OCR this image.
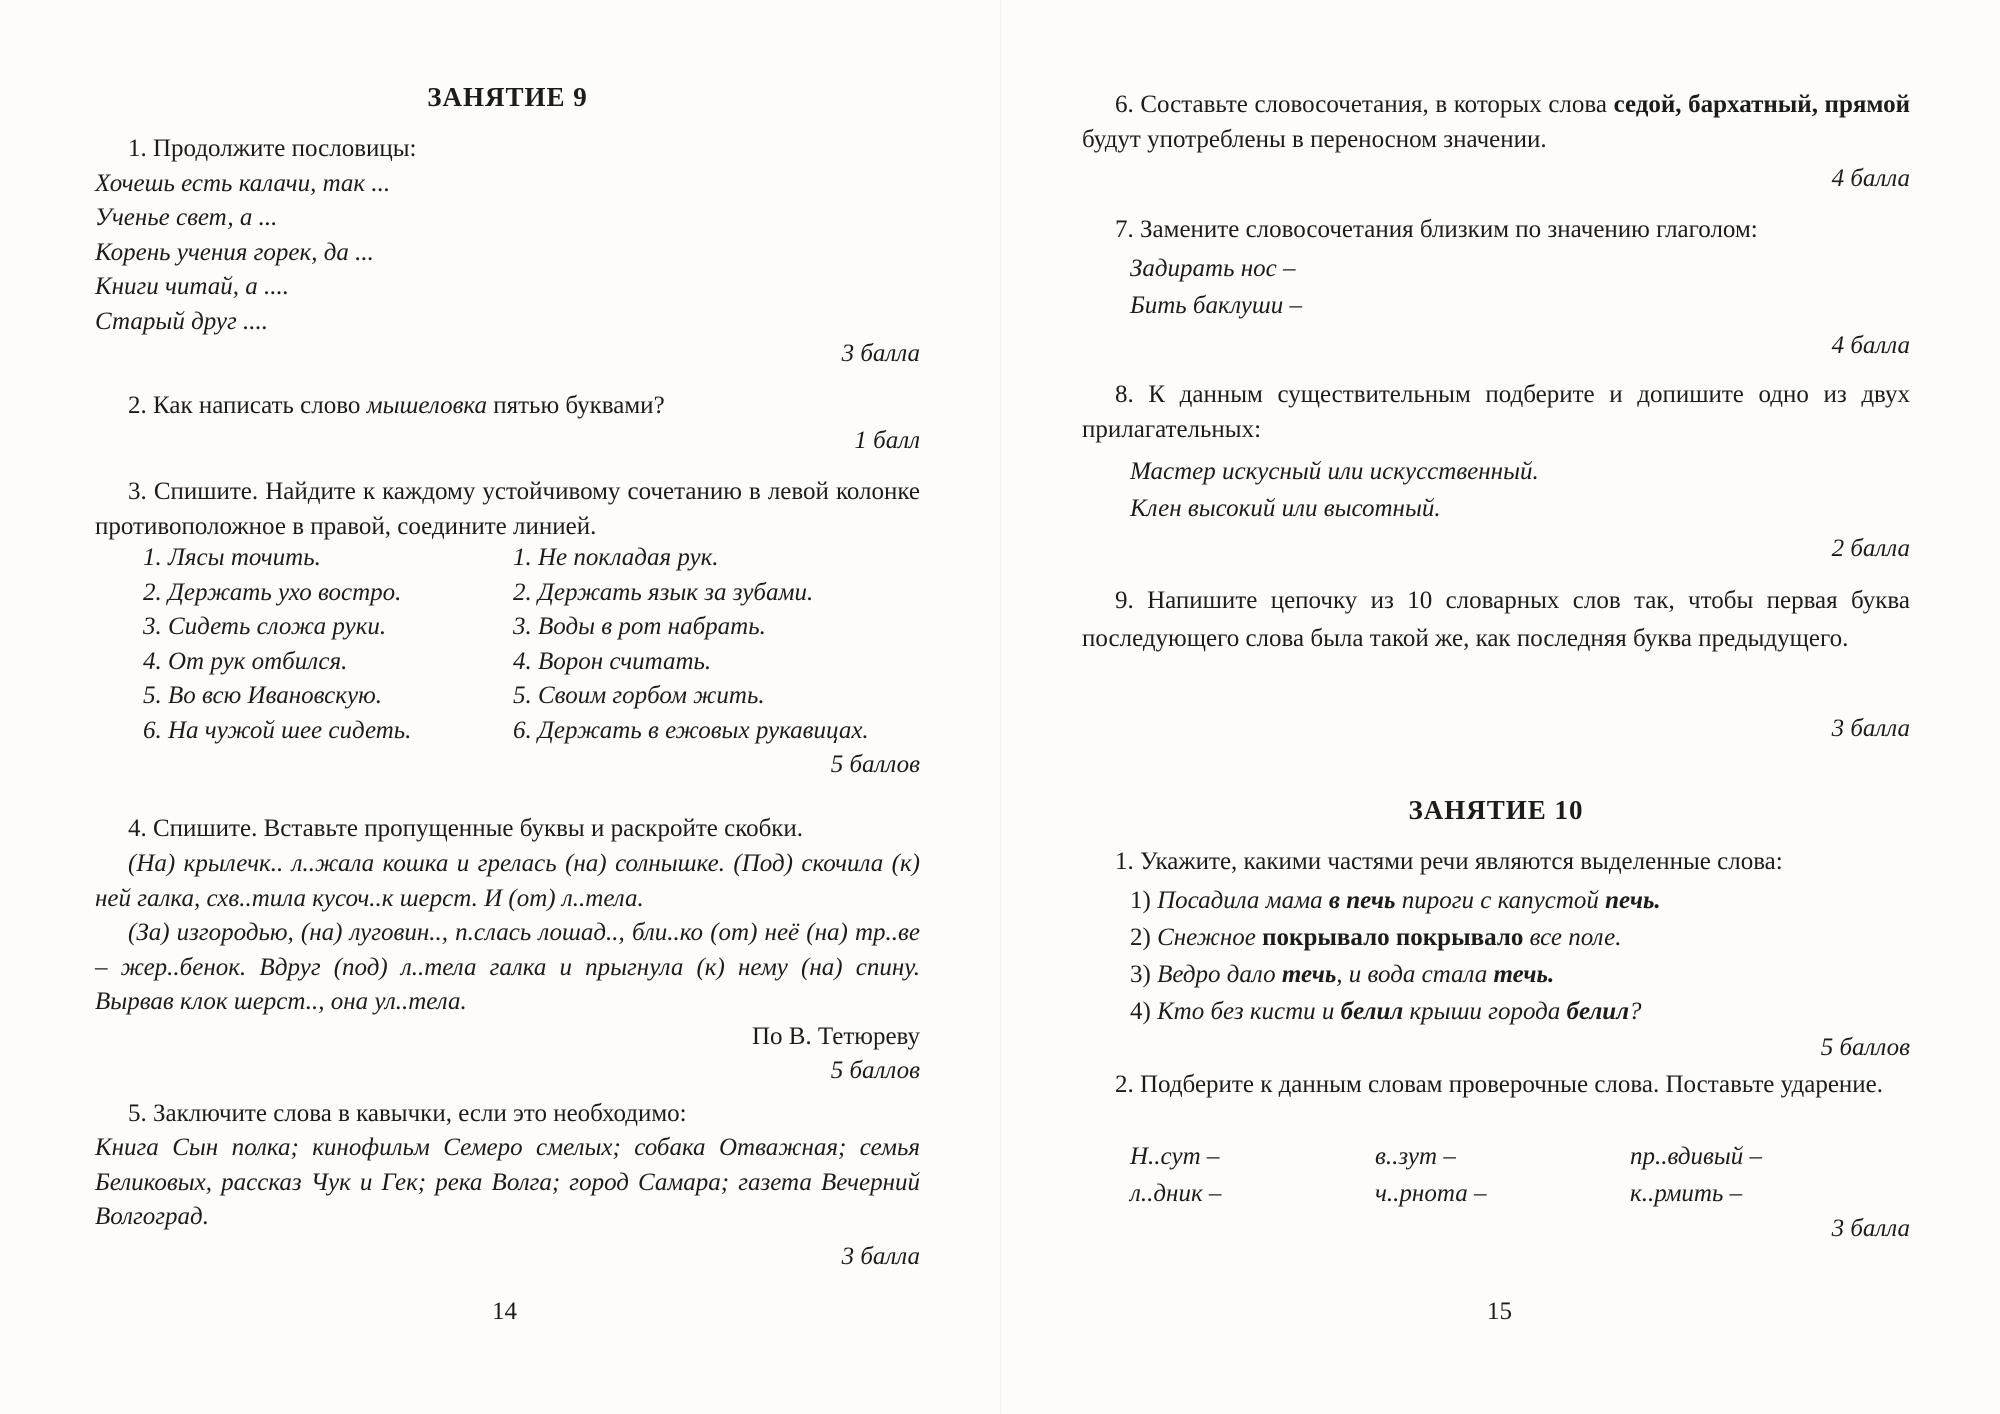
ЗАНЯТИЕ 9
1. Продолжите пословицы:
Хочешь есть калачи, так ...
Ученье свет, а ...
Корень учения горек, да ...
Книги читай, а ....
Старый друг ....
3 балла
2. Как написать слово мышеловка пятью буквами?
1 балл
3. Спишите. Найдите к каждому устойчивому сочетанию в левой колонке противоположное в правой, соедините линией.
1. Лясы точить.	1. Не покладая рук.
2. Держать ухо востро.	2. Держать язык за зубами.
3. Сидеть сложа руки.	3. Воды в рот набрать.
4. От рук отбился.	4. Ворон считать.
5. Во всю Ивановскую.	5. Своим горбом жить.
6. На чужой шее сидеть.	6. Держать в ежовых рукавицах.
5 баллов
4. Спишите. Вставьте пропущенные буквы и раскройте скобки.
(На) крылечк.. л..жала кошка и грелась (на) солнышке. (Под) скочила (к) ней галка, схв..тила кусоч..к шерст. И (от) л..тела.
(За) изгородью, (на) луговин.., п.слась лошад.., бли..ко (от) неё (на) тр..ве – жер..бенок. Вдруг (под) л..тела галка и прыгнула (к) нему (на) спину. Вырвав клок шерст.., она ул..тела.
По В. Тетюреву
5 баллов
5. Заключите слова в кавычки, если это необходимо:
Книга Сын полка; кинофильм Семеро смелых; собака Отважная; семья Беликовых, рассказ Чук и Гек; река Волга; город Самара; газета Вечерний Волгоград.
3 балла
14
6. Составьте словосочетания, в которых слова седой, бархатный, прямой будут употреблены в переносном значении.
4 балла
7. Замените словосочетания близким по значению глаголом:
Задирать нос –
Бить баклуши –
4 балла
8. К данным существительным подберите и допишите одно из двух прилагательных:
Мастер искусный или искусственный.
Клен высокий или высотный.
2 балла
9. Напишите цепочку из 10 словарных слов так, чтобы первая буква последующего слова была такой же, как последняя буква предыдущего.
3 балла
ЗАНЯТИЕ 10
1. Укажите, какими частями речи являются выделенные слова:
1) Посадила мама в печь пироги с капустой печь.
2) Снежное покрывало покрывало все поле.
3) Ведро дало течь, и вода стала течь.
4) Кто без кисти и белил крыши города белил?
5 баллов
2. Подберите к данным словам проверочные слова. Поставьте ударение.
Н..сут –	в..зут –	пр..вдивый –
л..дник –	ч..рнота –	к..рмить –
3 балла
15
